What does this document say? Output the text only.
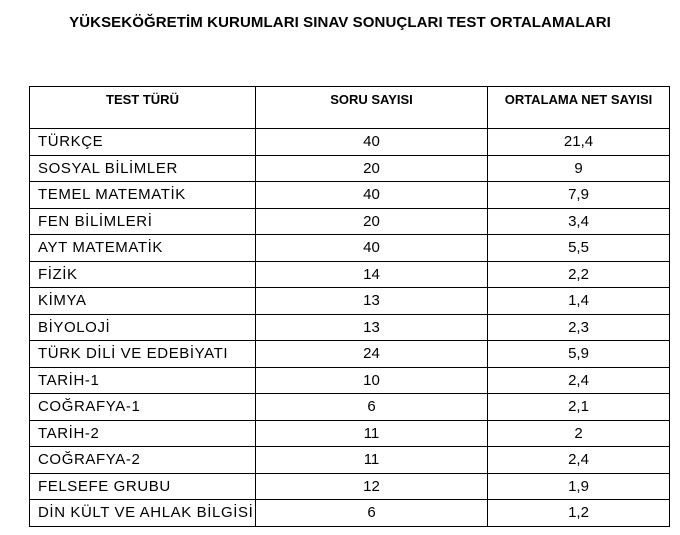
YÜKSEKÖĞRETİM KURUMLARI SINAV SONUÇLARI TEST ORTALAMALARI
TEST TÜRÜ	SORU SAYISI	ORTALAMA NET SAYISI
TÜRKÇE	40	21,4
SOSYAL BİLİMLER	20	9
TEMEL MATEMATİK	40	7,9
FEN BİLİMLERİ	20	3,4
AYT MATEMATİK	40	5,5
FİZİK	14	2,2
KİMYA	13	1,4
BİYOLOJİ	13	2,3
TÜRK DİLİ VE EDEBİYATI	24	5,9
TARİH-1	10	2,4
COĞRAFYA-1	6	2,1
TARİH-2	11	2
COĞRAFYA-2	11	2,4
FELSEFE GRUBU	12	1,9
DİN KÜLT VE AHLAK BİLGİSİ	6	1,2
